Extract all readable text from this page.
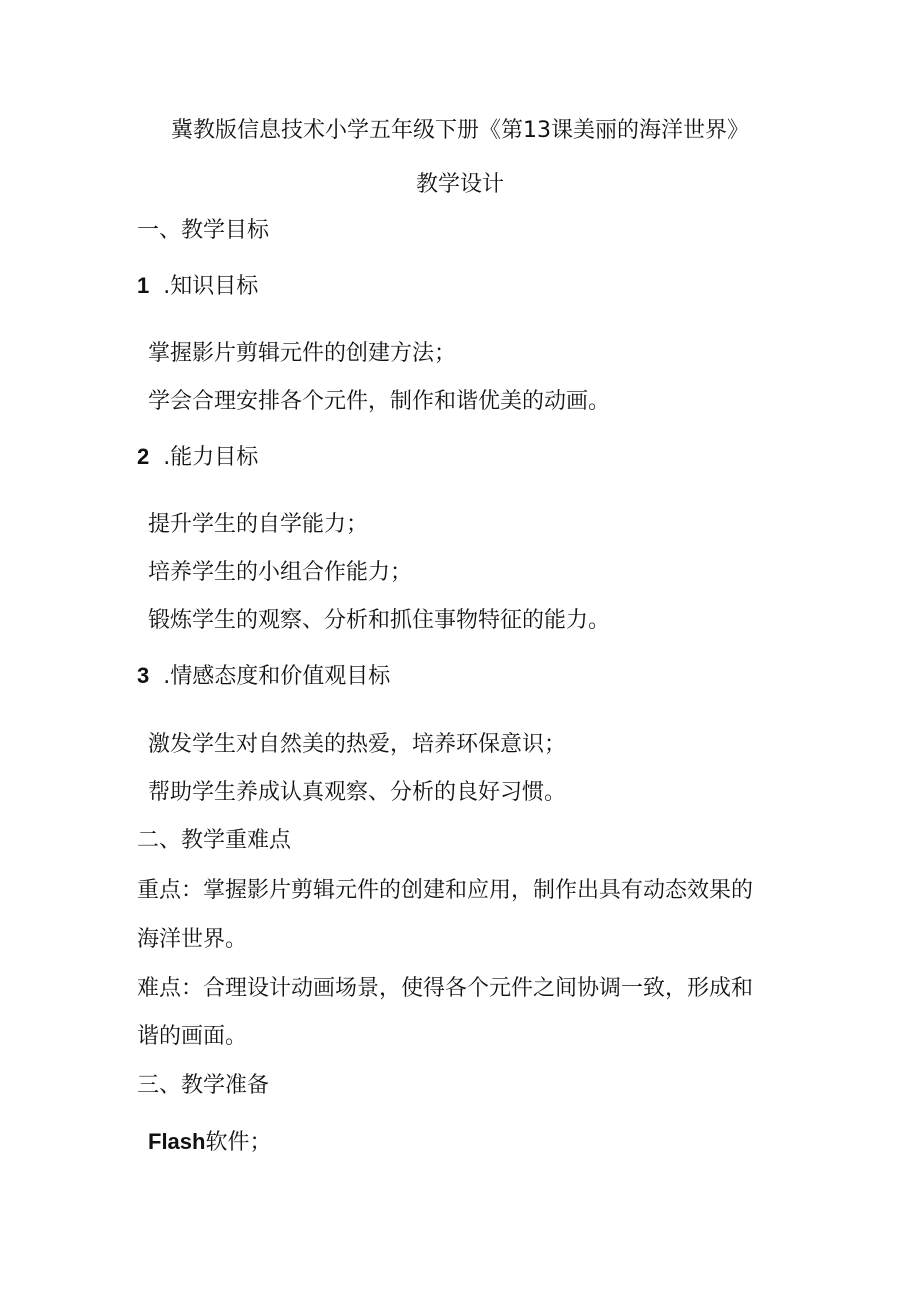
冀教版信息技术小学五年级下册《第13课美丽的海洋世界》
教学设计
一、教学目标
1 .知识目标
掌握影片剪辑元件的创建方法；
学会合理安排各个元件，制作和谐优美的动画。
2 .能力目标
提升学生的自学能力；
培养学生的小组合作能力；
锻炼学生的观察、分析和抓住事物特征的能力。
3 .情感态度和价值观目标
激发学生对自然美的热爱，培养环保意识；
帮助学生养成认真观察、分析的良好习惯。
二、教学重难点
重点：掌握影片剪辑元件的创建和应用，制作出具有动态效果的
海洋世界。
难点：合理设计动画场景，使得各个元件之间协调一致，形成和
谐的画面。
三、教学准备
Flash软件；
